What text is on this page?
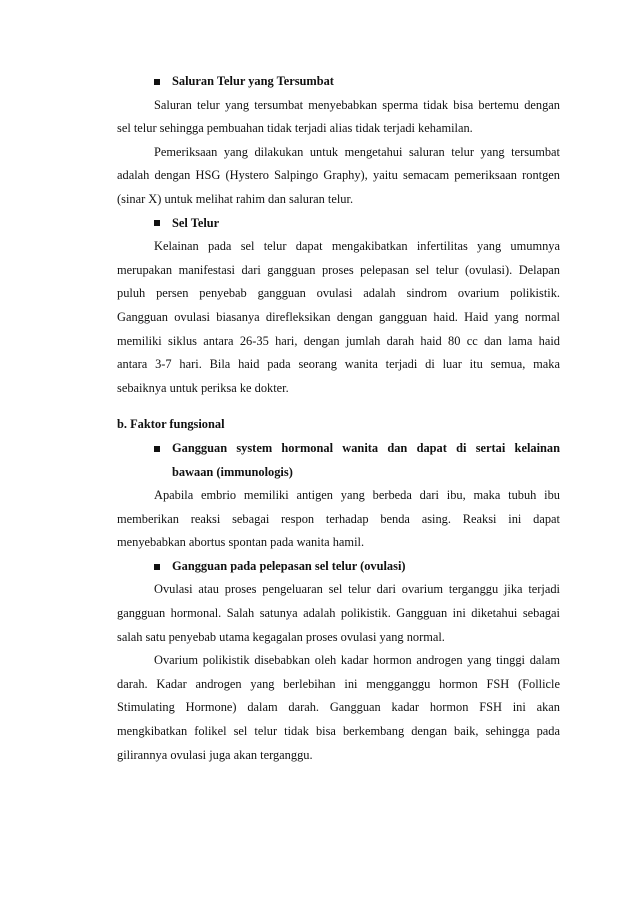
Saluran Telur yang Tersumbat
Saluran telur yang tersumbat menyebabkan sperma tidak bisa bertemu dengan
sel telur sehingga pembuahan tidak terjadi alias tidak terjadi kehamilan.
Pemeriksaan yang dilakukan untuk mengetahui saluran telur yang tersumbat
adalah dengan HSG (Hystero Salpingo Graphy), yaitu semacam pemeriksaan rontgen
(sinar X) untuk melihat rahim dan saluran telur.
Sel Telur
Kelainan pada sel telur dapat mengakibatkan infertilitas yang umumnya
merupakan manifestasi dari gangguan proses pelepasan sel telur (ovulasi). Delapan
puluh persen penyebab gangguan ovulasi adalah sindrom ovarium polikistik.
Gangguan ovulasi biasanya direfleksikan dengan gangguan haid. Haid yang normal
memiliki siklus antara 26-35 hari, dengan jumlah darah haid 80 cc dan lama haid
antara 3-7 hari. Bila haid pada seorang wanita terjadi di luar itu semua, maka
sebaiknya untuk periksa ke dokter.
b. Faktor fungsional
Gangguan system hormonal wanita dan dapat di sertai kelainan
bawaan (immunologis)
Apabila embrio memiliki antigen yang berbeda dari ibu, maka tubuh ibu
memberikan reaksi sebagai respon terhadap benda asing. Reaksi ini dapat
menyebabkan abortus spontan pada wanita hamil.
Gangguan pada pelepasan sel telur (ovulasi)
Ovulasi atau proses pengeluaran sel telur dari ovarium terganggu jika terjadi
gangguan hormonal. Salah satunya adalah polikistik. Gangguan ini diketahui sebagai
salah satu penyebab utama kegagalan proses ovulasi yang normal.
Ovarium polikistik disebabkan oleh kadar hormon androgen yang tinggi dalam
darah. Kadar androgen yang berlebihan ini mengganggu hormon FSH (Follicle
Stimulating Hormone) dalam darah. Gangguan kadar hormon FSH ini akan
mengkibatkan folikel sel telur tidak bisa berkembang dengan baik, sehingga pada
gilirannya ovulasi juga akan terganggu.
